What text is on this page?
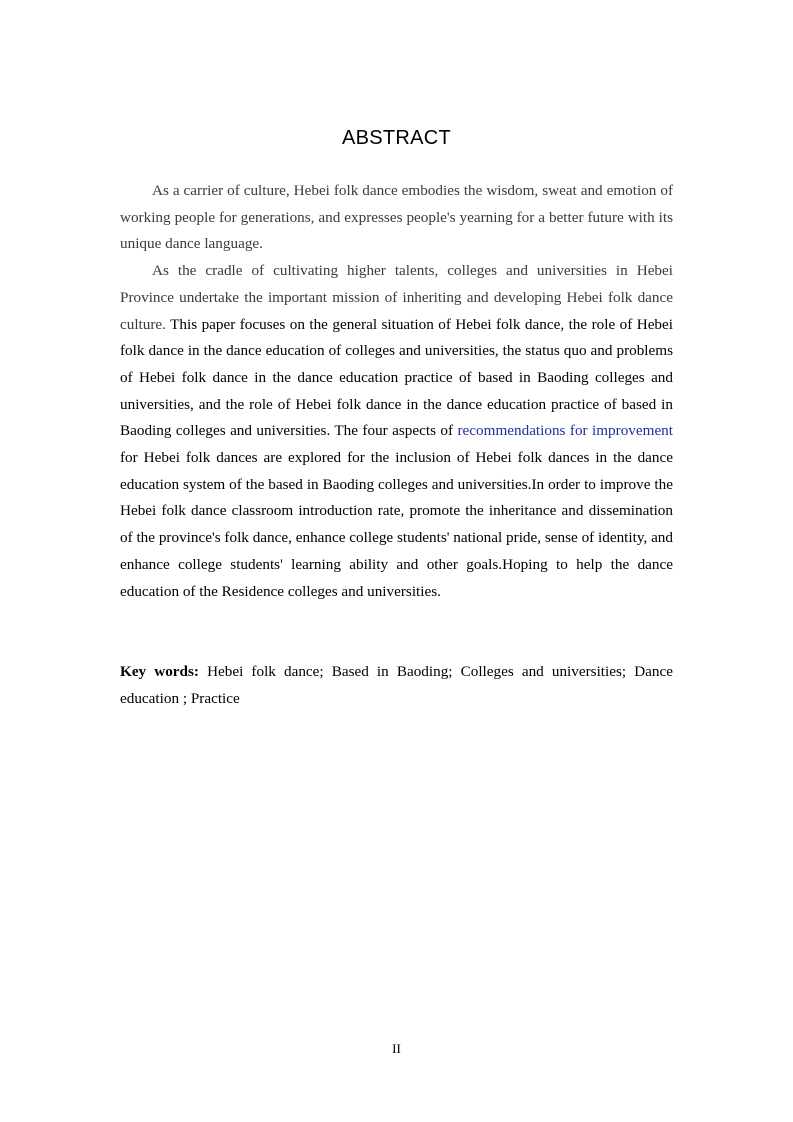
ABSTRACT

As a carrier of culture, Hebei folk dance embodies the wisdom, sweat and emotion of working people for generations, and expresses people's yearning for a better future with its unique dance language.

As the cradle of cultivating higher talents, colleges and universities in Hebei Province undertake the important mission of inheriting and developing Hebei folk dance culture. This paper focuses on the general situation of Hebei folk dance, the role of Hebei folk dance in the dance education of colleges and universities, the status quo and problems of Hebei folk dance in the dance education practice of based in Baoding colleges and universities, and the role of Hebei folk dance in the dance education practice of based in Baoding colleges and universities. The four aspects of recommendations for improvement for Hebei folk dances are explored for the inclusion of Hebei folk dances in the dance education system of the based in Baoding colleges and universities.In order to improve the Hebei folk dance classroom introduction rate, promote the inheritance and dissemination of the province's folk dance, enhance college students' national pride, sense of identity, and enhance college students' learning ability and other goals.Hoping to help the dance education of the Residence colleges and universities.

Key words: Hebei folk dance; Based in Baoding; Colleges and universities; Dance education ; Practice

II
